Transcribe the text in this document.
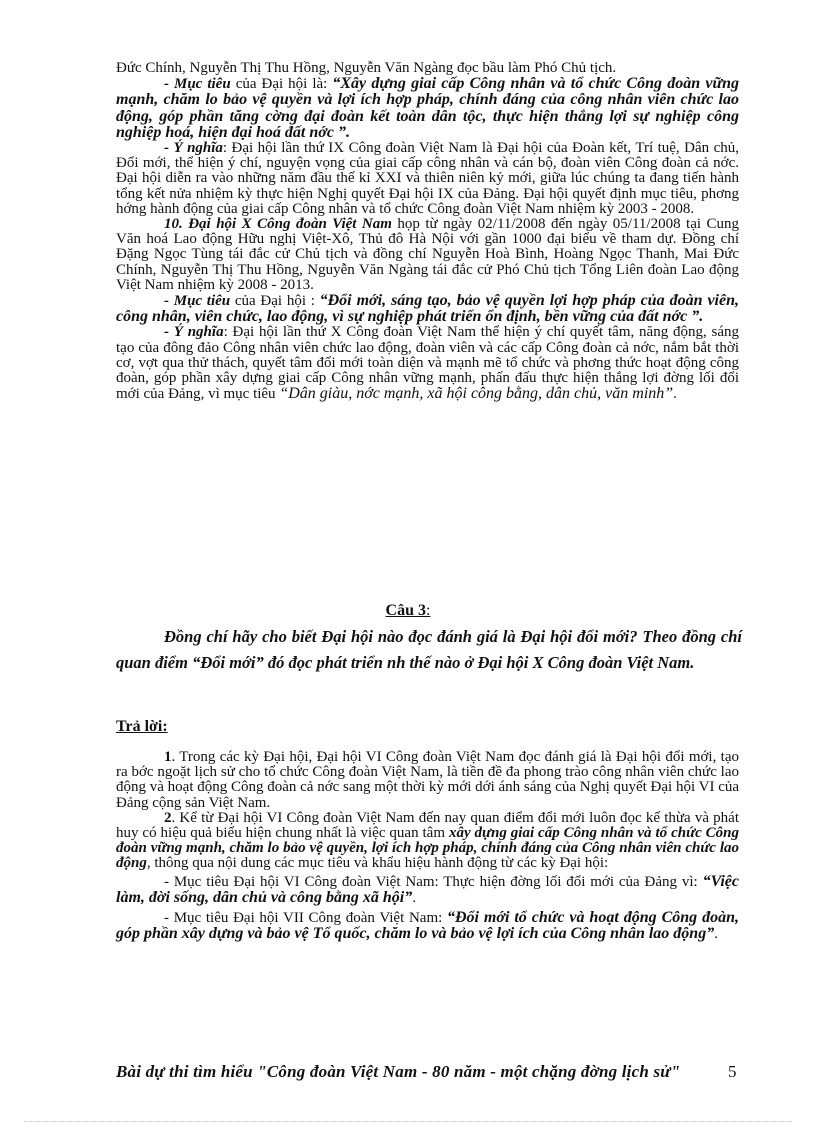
Đức Chính, Nguyễn Thị Thu Hồng, Nguyễn Văn Ngàng đọc bầu làm Phó Chủ tịch.

- Mục tiêu của Đại hội là: “Xây dựng giai cấp Công nhân và tổ chức Công đoàn vững mạnh, chăm lo bảo vệ quyền và lợi ích hợp pháp, chính đáng của công nhân viên chức lao động, góp phần tăng cờng đại đoàn kết toàn dân tộc, thực hiện thắng lợi sự nghiệp công nghiệp hoá, hiện đại hoá đất nớc ”.

- Ý nghĩa: Đại hội lần thứ IX Công đoàn Việt Nam là Đại hội của Đoàn kết, Trí tuệ, Dân chủ, Đổi mới, thể hiện ý chí, nguyện vọng của giai cấp công nhân và cán bộ, đoàn viên Công đoàn cả nớc. Đại hội diễn ra vào những năm đầu thế kỉ XXI và thiên niên kỷ mới, giữa lúc chúng ta đang tiến hành tổng kết nửa nhiệm kỳ thực hiện Nghị quyết Đại hội IX của Đảng. Đại hội quyết định mục tiêu, phơng hớng hành động của giai cấp Công nhân và tổ chức Công đoàn Việt Nam nhiệm kỳ 2003 - 2008.

10. Đại hội X Công đoàn Việt Nam họp từ ngày 02/11/2008 đến ngày 05/11/2008 tại Cung Văn hoá Lao động Hữu nghị Việt-Xô, Thủ đô Hà Nội với gần 1000 đại biểu về tham dự. Đồng chí Đặng Ngọc Tùng tái đắc cử Chủ tịch và đồng chí Nguyễn Hoà Bình, Hoàng Ngọc Thanh, Mai Đức Chính, Nguyễn Thị Thu Hồng, Nguyễn Văn Ngàng tái đắc cử Phó Chủ tịch Tổng Liên đoàn Lao động Việt Nam nhiệm kỳ 2008 - 2013.

- Mục tiêu của Đại hội : “Đổi mới, sáng tạo, bảo vệ quyền lợi hợp pháp của đoàn viên, công nhân, viên chức, lao động, vì sự nghiệp phát triển ổn định, bền vững của đất nớc ”.

- Ý nghĩa: Đại hội lần thứ X Công đoàn Việt Nam thể hiện ý chí quyết tâm, năng động, sáng tạo của đông đảo Công nhân viên chức lao động, đoàn viên và các cấp Công đoàn cả nớc, nắm bắt thời cơ, vợt qua thử thách, quyết tâm đổi mới toàn diện và mạnh mẽ tổ chức và phơng thức hoạt động công đoàn, góp phần xây dựng giai cấp Công nhân vững mạnh, phấn đấu thực hiện thắng lợi đờng lối đổi mới của Đảng, vì mục tiêu “Dân giàu, nớc mạnh, xã hội công bằng, dân chủ, văn minh”.

Câu 3:
Đồng chí hãy cho biết Đại hội nào đọc đánh giá là Đại hội đổi mới? Theo đồng chí quan điểm “Đổi mới” đó đọc phát triển nh thế nào ở Đại hội X Công đoàn Việt Nam.
Trả lời:

1. Trong các kỳ Đại hội, Đại hội VI Công đoàn Việt Nam đọc đánh giá là Đại hội đổi mới, tạo ra bớc ngoặt lịch sử cho tổ chức Công đoàn Việt Nam, là tiền đề đa phong trào công nhân viên chức lao động và hoạt động Công đoàn cả nớc sang một thời kỳ mới dới ánh sáng của Nghị quyết Đại hội VI của Đảng cộng sản Việt Nam.

2. Kể từ Đại hội VI Công đoàn Việt Nam đến nay quan điểm đổi mới luôn đọc kế thừa và phát huy có hiệu quả biểu hiện chung nhất là việc quan tâm xây dựng giai cấp Công nhân và tổ chức Công đoàn vững mạnh, chăm lo bảo vệ quyền, lợi ích hợp pháp, chính đáng của Công nhân viên chức lao động, thông qua nội dung các mục tiêu và khẩu hiệu hành động từ các kỳ Đại hội:

- Mục tiêu Đại hội VI Công đoàn Việt Nam: Thực hiện đờng lối đổi mới của Đảng vì: “Việc làm, đời sống, dân chủ và công bằng xã hội”.

- Mục tiêu Đại hội VII Công đoàn Việt Nam: “Đổi mới tổ chức và hoạt động Công đoàn, góp phần xây dựng và bảo vệ Tổ quốc, chăm lo và bảo vệ lợi ích của Công nhân lao động”.

Bài dự thi tìm hiểu "Công đoàn Việt Nam - 80 năm - một chặng đờng lịch sử"	5
